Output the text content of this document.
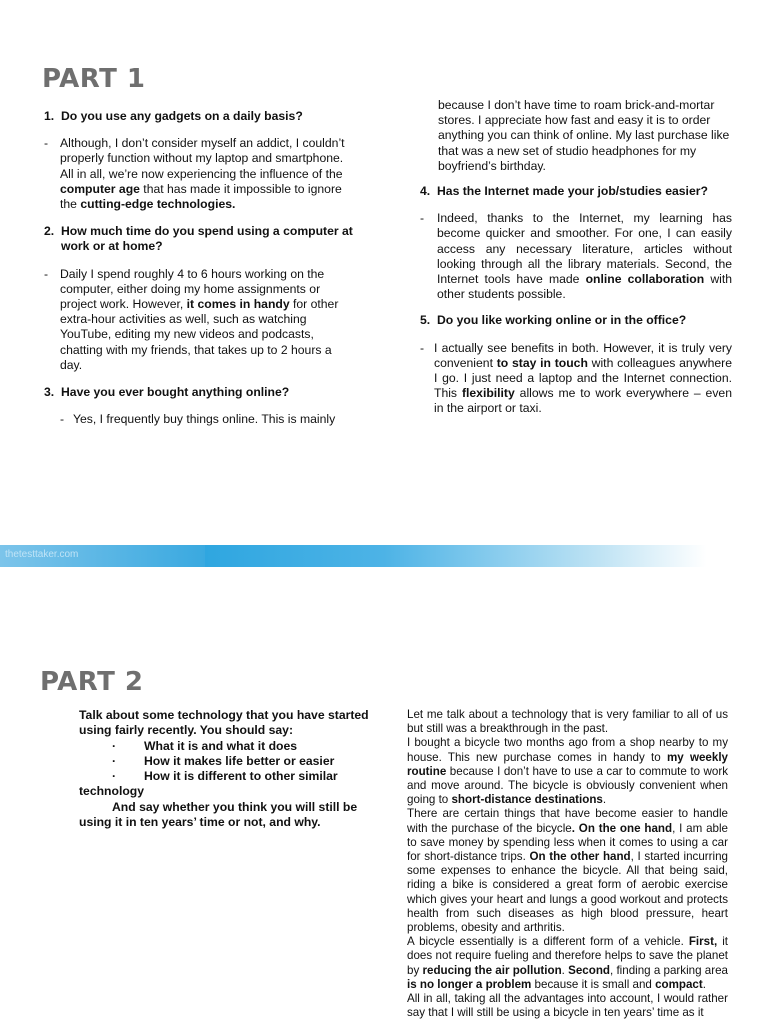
PART 1
1. Do you use any gadgets on a daily basis?
- Although, I don’t consider myself an addict, I couldn’t properly function without my laptop and smartphone. All in all, we’re now experiencing the influence of the computer age that has made it impossible to ignore the cutting-edge technologies.
2. How much time do you spend using a computer at work or at home?
- Daily I spend roughly 4 to 6 hours working on the computer, either doing my home assignments or project work. However, it comes in handy for other extra-hour activities as well, such as watching YouTube, editing my new videos and podcasts, chatting with my friends, that takes up to 2 hours a day.
3. Have you ever bought anything online?
- Yes, I frequently buy things online. This is mainly
because I don’t have time to roam brick-and-mortar stores. I appreciate how fast and easy it is to order anything you can think of online. My last purchase like that was a new set of studio headphones for my boyfriend’s birthday.
4. Has the Internet made your job/studies easier?
-	Indeed, thanks to the Internet, my learning has become quicker and smoother. For one, I can easily access any necessary literature, articles without looking through all the library materials. Second, the Internet tools have made online collaboration with other students possible.
5. Do you like working online or in the office?
- I actually see benefits in both. However, it is truly very convenient to stay in touch with colleagues anywhere I go. I just need a laptop and the Internet connection. This flexibility allows me to work everywhere – even in the airport or taxi.
thetesttaker.com
PART 2
Talk about some technology that you have started using fairly recently. You should say:
·	What it is and what it does
·	How it makes life better or easier
·	How it is different to other similar
technology
And say whether you think you will still be using it in ten years’ time or not, and why.

Let me talk about a technology that is very familiar to all of us but still was a breakthrough in the past.

I bought a bicycle two months ago from a shop nearby to my house. This new purchase comes in handy to my weekly routine because I don’t have to use a car to commute to work and move around. The bicycle is obviously convenient when going to short-distance destinations.

There are certain things that have become easier to handle with the purchase of the bicycle. On the one hand, I am able to save money by spending less when it comes to using a car for short-distance trips. On the other hand, I started incurring some expenses to enhance the bicycle. All that being said, riding a bike is considered a great form of aerobic exercise which gives your heart and lungs a good workout and protects health from such diseases as high blood pressure, heart problems, obesity and arthritis.

A bicycle essentially is a different form of a vehicle. First, it does not require fueling and therefore helps to save the planet by reducing the air pollution. Second, finding a parking area is no longer a problem because it is small and compact.

All in all, taking all the advantages into account, I would rather say that I will still be using a bicycle in ten years’ time as it
